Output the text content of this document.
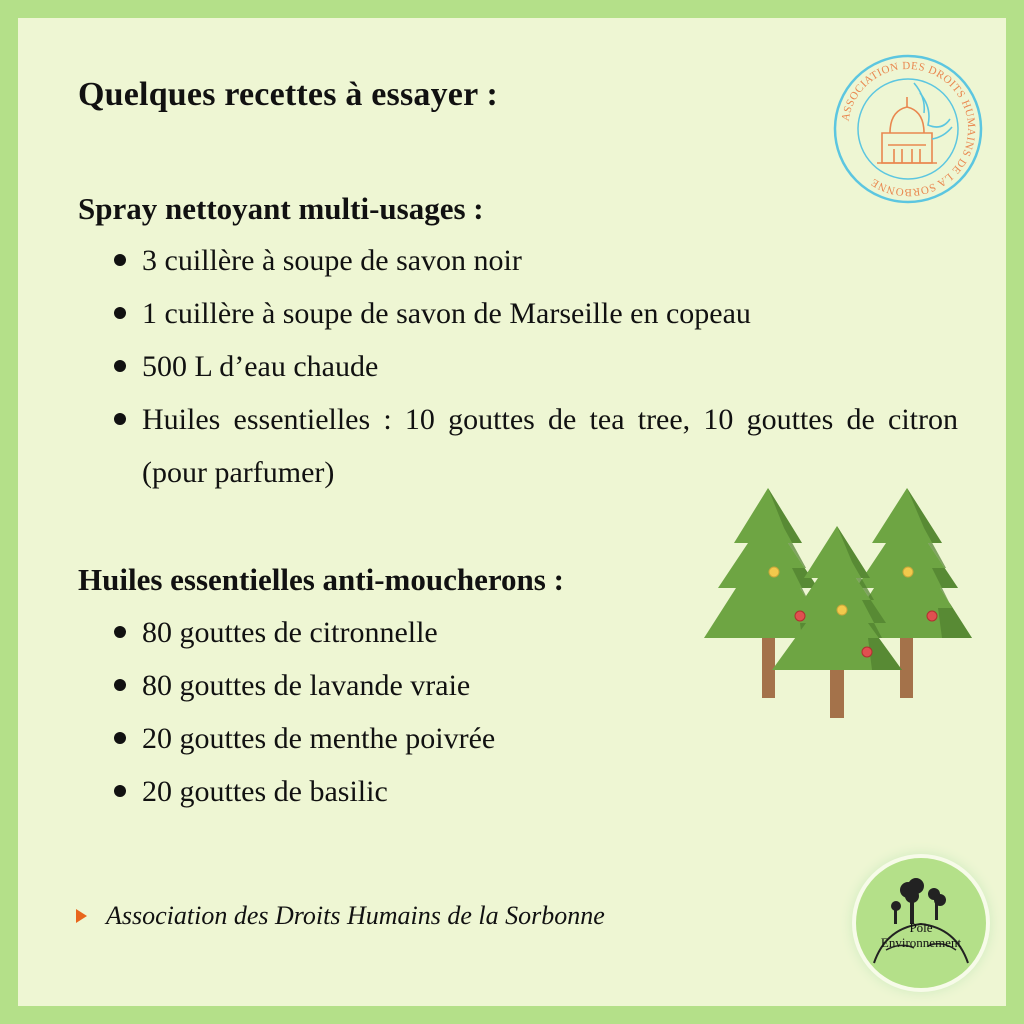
Quelques recettes à essayer :
ASSOCIATION DES DROITS HUMAINS DE LA SORBONNE
Spray nettoyant multi-usages :
3 cuillère à soupe de savon noir
1 cuillère à soupe de savon de Marseille en copeau
500 L d’eau chaude
Huiles essentielles : 10 gouttes de tea tree, 10 gouttes de citron (pour parfumer)
Huiles essentielles anti-moucherons :
80 gouttes de citronnelle
80 gouttes de lavande vraie
20 gouttes de menthe poivrée
20 gouttes de basilic
Association des Droits Humains de la Sorbonne	Pôle
Environnement
